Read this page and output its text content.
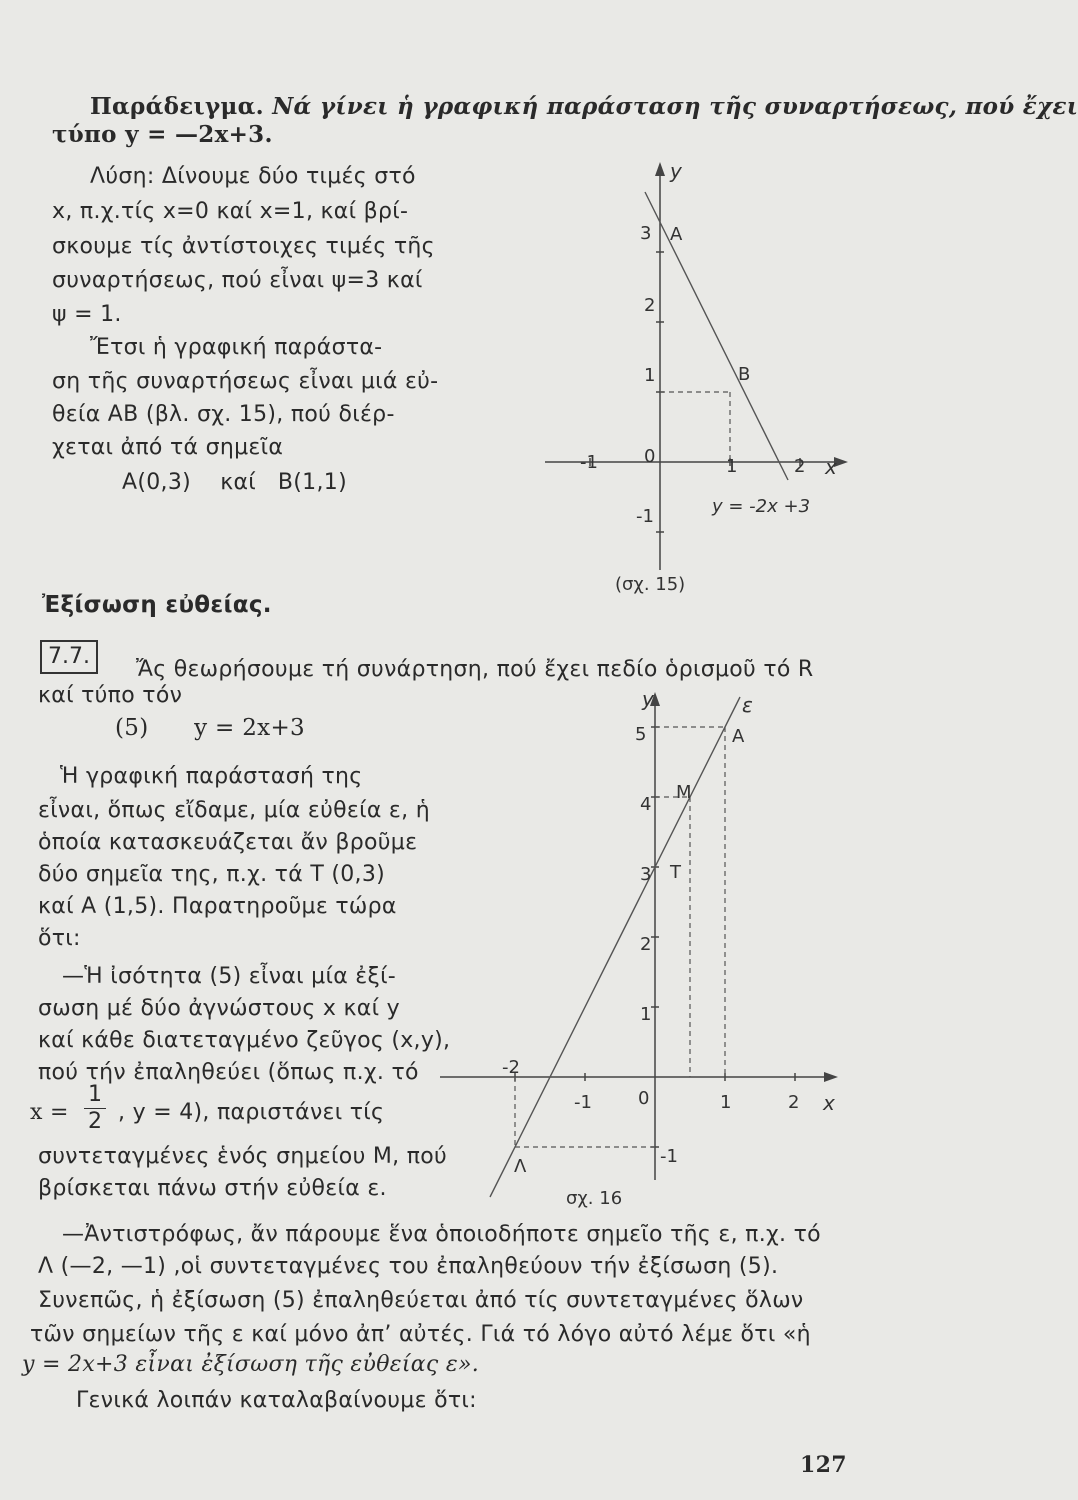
Παράδειγμα. Νά γίνει ἡ γραφική παράσταση τῆς συναρτήσεως, πού ἔχει
τύπο y = —2x+3.
Λύση: Δίνουμε δύο τιμές στό
x, π.χ.τίς x=0 καί x=1, καί βρί-
σκουμε τίς ἀντίστοιχες τιμές τῆς
συναρτήσεως, πού εἶναι ψ=3 καί
ψ = 1.
Ἔτσι ἡ γραφική παράστα-
ση τῆς συναρτήσεως εἶναι μιά εὐ-
θεία ΑΒ (βλ. σχ. 15), πού διέρ-
χεται ἀπό τά σημεῖα
Α(0,3) καί Β(1,1)
y
x
3
2
1
-1
-1	0	1	2
A
B
y = -2x +3
(σχ. 15)
Ἐξίσωση εὐθείας.
7.7.
Ἄς θεωρήσουμε τή συνάρτηση, πού ἔχει πεδίο ὁρισμοῦ τό R
καί τύπο τόν
(5) y = 2x+3
Ἡ γραφική παράστασή της
εἶναι, ὅπως εἴδαμε, μία εὐθεία ε, ἡ
ὁποία κατασκευάζεται ἄν βροῦμε
δύο σημεῖα της, π.χ. τά Τ (0,3)
καί Α (1,5). Παρατηροῦμε τώρα
ὅτι:
—Ἡ ἰσότητα (5) εἶναι μία ἐξί-
σωση μέ δύο ἀγνώστους x καί y
καί κάθε διατεταγμένο ζεῦγος (x,y),
πού τήν ἐπαληθεύει (ὅπως π.χ. τό
x =
1
2 , y = 4), παριστάνει τίς
συντεταγμένες ἑνός σημείου Μ, πού
βρίσκεται πάνω στήν εὐθεία ε.
—Ἀντιστρόφως, ἄν πάρουμε ἕνα ὁποιοδήποτε σημεῖο τῆς ε, π.χ. τό
Λ (—2, —1) ,οἱ συντεταγμένες του ἐπαληθεύουν τήν ἐξίσωση (5).
Συνεπῶς, ἡ ἐξίσωση (5) ἐπαληθεύεται ἀπό τίς συντεταγμένες ὅλων
τῶν σημείων τῆς ε καί μόνο ἀπ’ αὐτές. Γιά τό λόγο αὐτό λέμε ὅτι «ἡ
y = 2x+3 εἶναι ἐξίσωση τῆς εὐθείας ε».
Γενικά λοιπάν καταλαβαίνουμε ὅτι:
y
x
ε
5
4
3
2
1
-1
-2
-1	0	1	2
A
M
T
Λ
σχ. 16
127
